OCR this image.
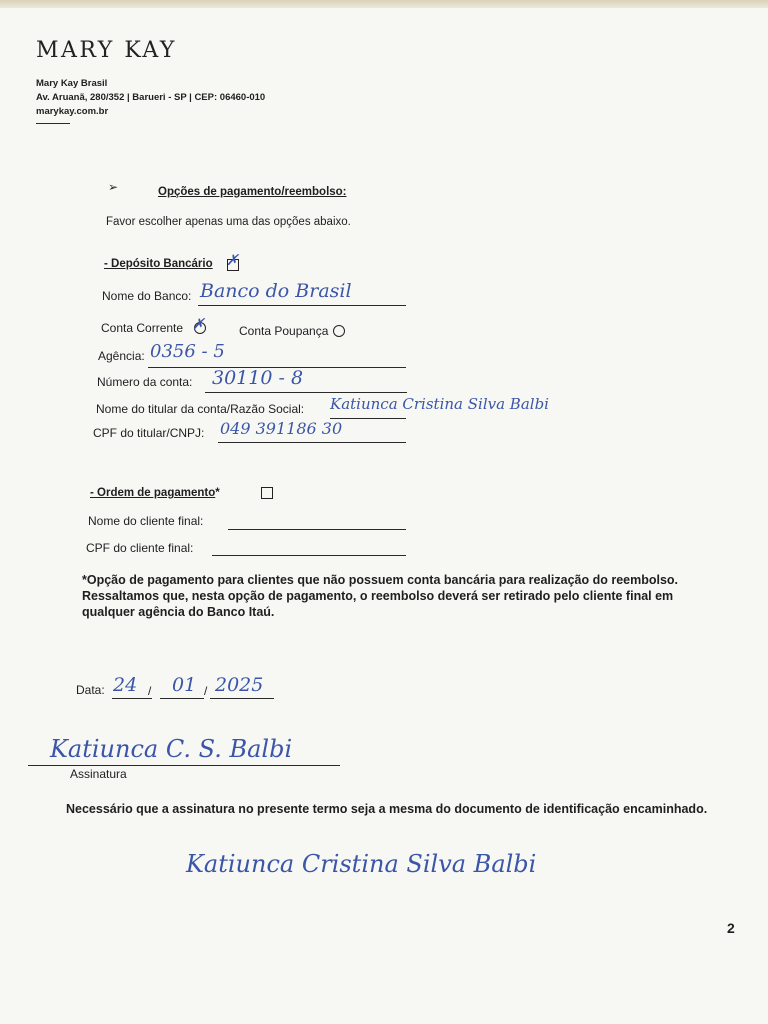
MARY KAY
Mary Kay Brasil
Av. Aruanã, 280/352 | Barueri - SP | CEP: 06460-010
marykay.com.br
➢	Opções de pagamento/reembolso:
Favor escolher apenas uma das opções abaixo.
- Depósito Bancário ✗
Nome do Banco: Banco do Brasil
Conta Corrente ✗	Conta Poupança
Agência: 0356 - 5
Número da conta: 30110 - 8
Nome do titular da conta/Razão Social: Katiunca Cristina Silva Balbi
CPF do titular/CNPJ: 049 391186 30
- Ordem de pagamento*
Nome do cliente final:
CPF do cliente final:
*Opção de pagamento para clientes que não possuem conta bancária para realização do reembolso. Ressaltamos que, nesta opção de pagamento, o reembolso deverá ser retirado pelo cliente final em qualquer agência do Banco Itaú.
Data: 24 / 01 / 2025
Katiunca C. S. Balbi
Assinatura
Necessário que a assinatura no presente termo seja a mesma do documento de identificação encaminhado.
Katiunca Cristina Silva Balbi
2
